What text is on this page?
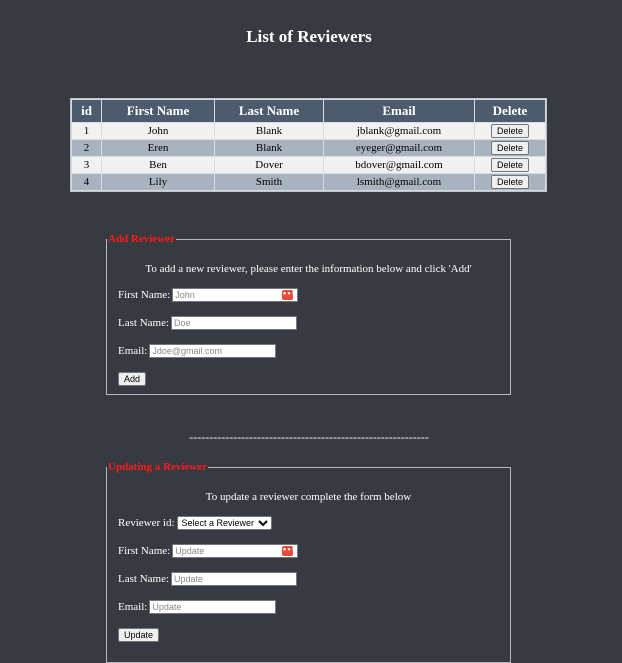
List of Reviewers
id	First Name	Last Name	Email	Delete
1	John	Blank	jblank@gmail.com	Delete
2	Eren	Blank	eyeger@gmail.com	Delete
3	Ben	Dover	bdover@gmail.com	Delete
4	Lily	Smith	lsmith@gmail.com	Delete
Add Reviewer
To add a new reviewer, please enter the information below and click 'Add'
First Name:
John	•••
Last Name:
Doe
Email:
Jdoe@gmail.com
Add
------------------------------------------------------------
Updating a Reviewer
To update a reviewer complete the form below
Reviewer id:
Select a Reviewer
First Name:
Update	•••
Last Name:
Update
Email:
Update
Update
